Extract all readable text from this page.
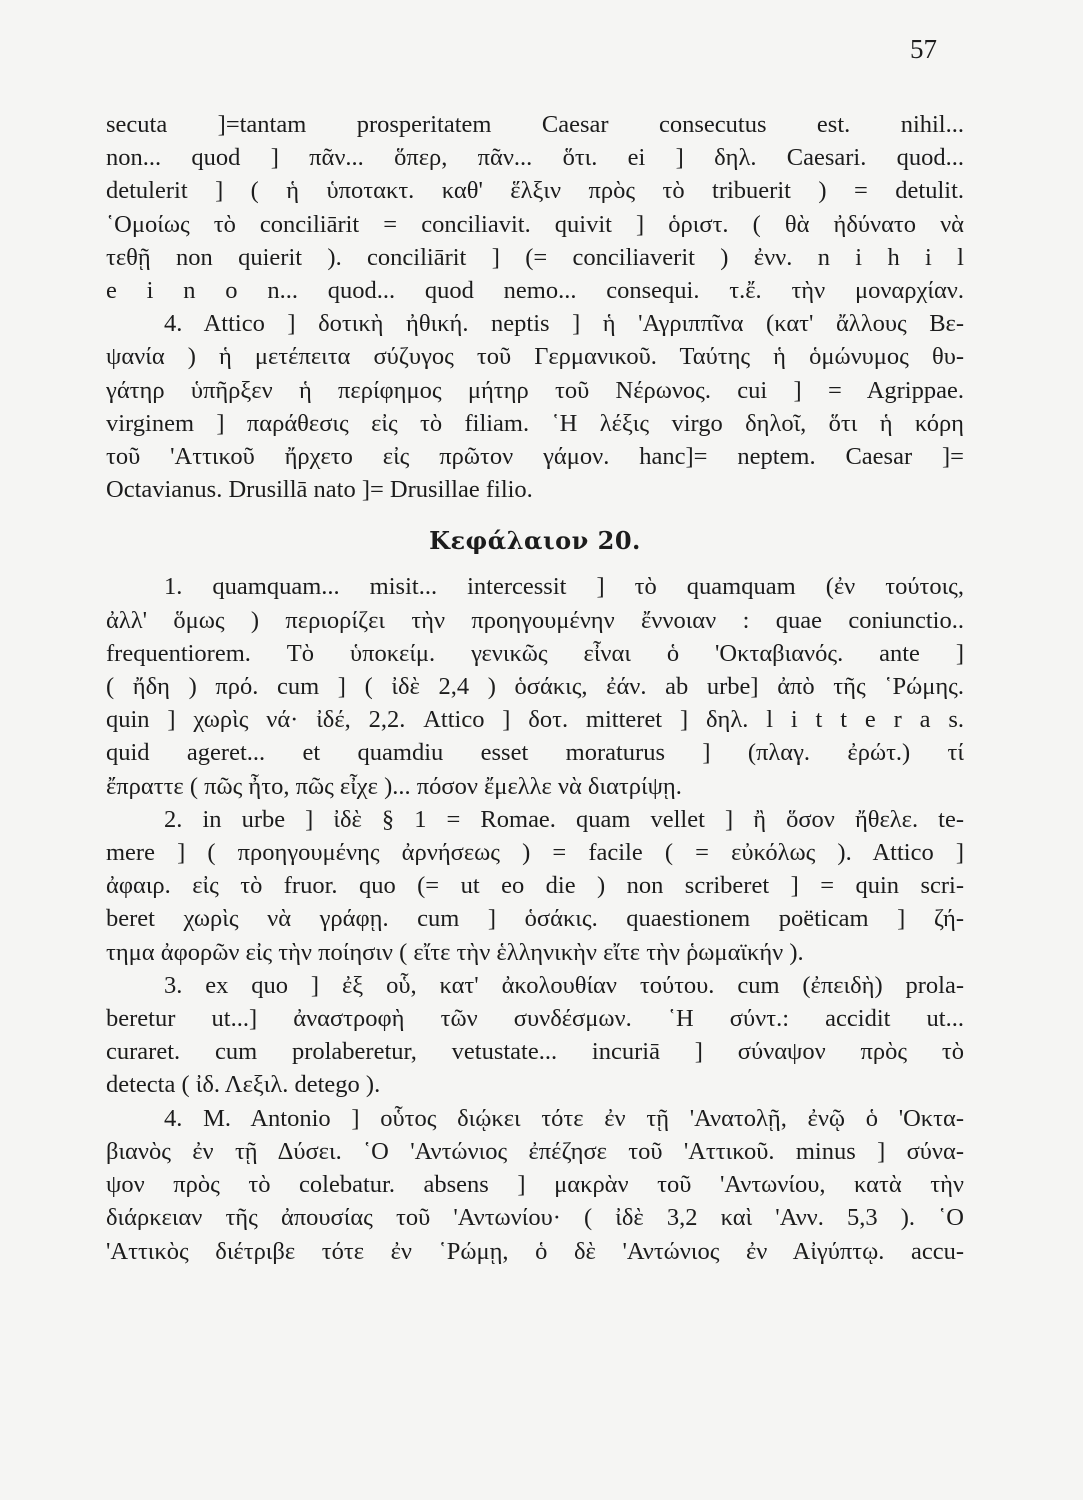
57
secuta ]=tantam prosperitatem Caesar consecutus est. nihil...
non... quod ] πᾶν... ὅπερ, πᾶν... ὅτι. ei ] δηλ. Caesari. quod...
detulerit ] ( ἡ ὑποτακτ. καθ' ἕλξιν πρὸς τὸ tribuerit ) = detulit.
῾Ομοίως τὸ conciliārit = conciliavit. quivit ] ὁριστ. ( θὰ ἠδύνατο νὰ
τεθῇ non quierit ). conciliārit ] (= conciliaverit ) ἐνν. n i h i l
e i n o n... quod... quod nemo... consequi. τ.ἔ. τὴν μοναρχίαν.
4. Attico ] δοτικὴ ἠθική. neptis ] ἡ 'Αγριππῖνα (κατ' ἄλλους Βε-
ψανία ) ἡ μετέπειτα σύζυγος τοῦ Γερμανικοῦ. Ταύτης ἡ ὁμώνυμος θυ-
γάτηρ ὑπῆρξεν ἡ περίφημος μήτηρ τοῦ Νέρωνος. cui ] = Agrippae.
virginem ] παράθεσις εἰς τὸ filiam. ῾Η λέξις virgo δηλοῖ, ὅτι ἡ κόρη
τοῦ 'Αττικοῦ ἤρχετο εἰς πρῶτον γάμον. hanc]= neptem. Caesar ]=
Octavianus. Drusillā nato ]= Drusillae filio.
Κεφάλαιον 20.
1. quamquam... misit... intercessit ] τὸ quamquam (ἐν τούτοις,
ἀλλ' ὅμως ) περιορίζει τὴν προηγουμένην ἔννοιαν : quae coniunctio..
frequentiorem. Τὸ ὑποκείμ. γενικῶς εἶναι ὁ 'Οκταβιανός. ante ]
( ἤδη ) πρό. cum ] ( ἰδὲ 2,4 ) ὁσάκις, ἐάν. ab urbe] ἀπὸ τῆς ῾Ρώμης.
quin ] χωρὶς νά· ἰδέ, 2,2. Attico ] δοτ. mitteret ] δηλ. l i t t e r a s.
quid ageret... et quamdiu esset moraturus ] (πλαγ. ἐρώτ.) τί
ἔπραττε ( πῶς ἦτο, πῶς εἶχε )... πόσον ἔμελλε νὰ διατρίψῃ.
2. in urbe ] ἰδὲ § 1 = Romae. quam vellet ] ἢ ὅσον ἤθελε. te-
mere ] ( προηγουμένης ἀρνήσεως ) = facile ( = εὐκόλως ). Attico ]
ἀφαιρ. εἰς τὸ fruor. quo (= ut eo die ) non scriberet ] = quin scri-
beret χωρὶς νὰ γράφῃ. cum ] ὁσάκις. quaestionem poëticam ] ζή-
τημα ἀφορῶν εἰς τὴν ποίησιν ( εἴτε τὴν ἑλληνικὴν εἴτε τὴν ῥωμαϊκήν ).
3. ex quo ] ἐξ οὗ, κατ' ἀκολουθίαν τούτου. cum (ἐπειδὴ) prola-
beretur ut...] ἀναστροφὴ τῶν συνδέσμων. ῾Η σύντ.: accidit ut...
curaret. cum prolaberetur, vetustate... incuriā ] σύναψον πρὸς τὸ
detecta ( ἰδ. Λεξιλ. detego ).
4. M. Antonio ] οὗτος διῴκει τότε ἐν τῇ 'Ανατολῇ, ἐνῷ ὁ 'Οκτα-
βιανὸς ἐν τῇ Δύσει. ῾Ο 'Αντώνιος ἐπέζησε τοῦ 'Αττικοῦ. minus ] σύνα-
ψον πρὸς τὸ colebatur. absens ] μακρὰν τοῦ 'Αντωνίου, κατὰ τὴν
διάρκειαν τῆς ἀπουσίας τοῦ 'Αντωνίου· ( ἰδὲ 3,2 καὶ 'Ανν. 5,3 ). ῾Ο
'Αττικὸς διέτριβε τότε ἐν ῾Ρώμῃ, ὁ δὲ 'Αντώνιος ἐν Αἰγύπτῳ. accu-
